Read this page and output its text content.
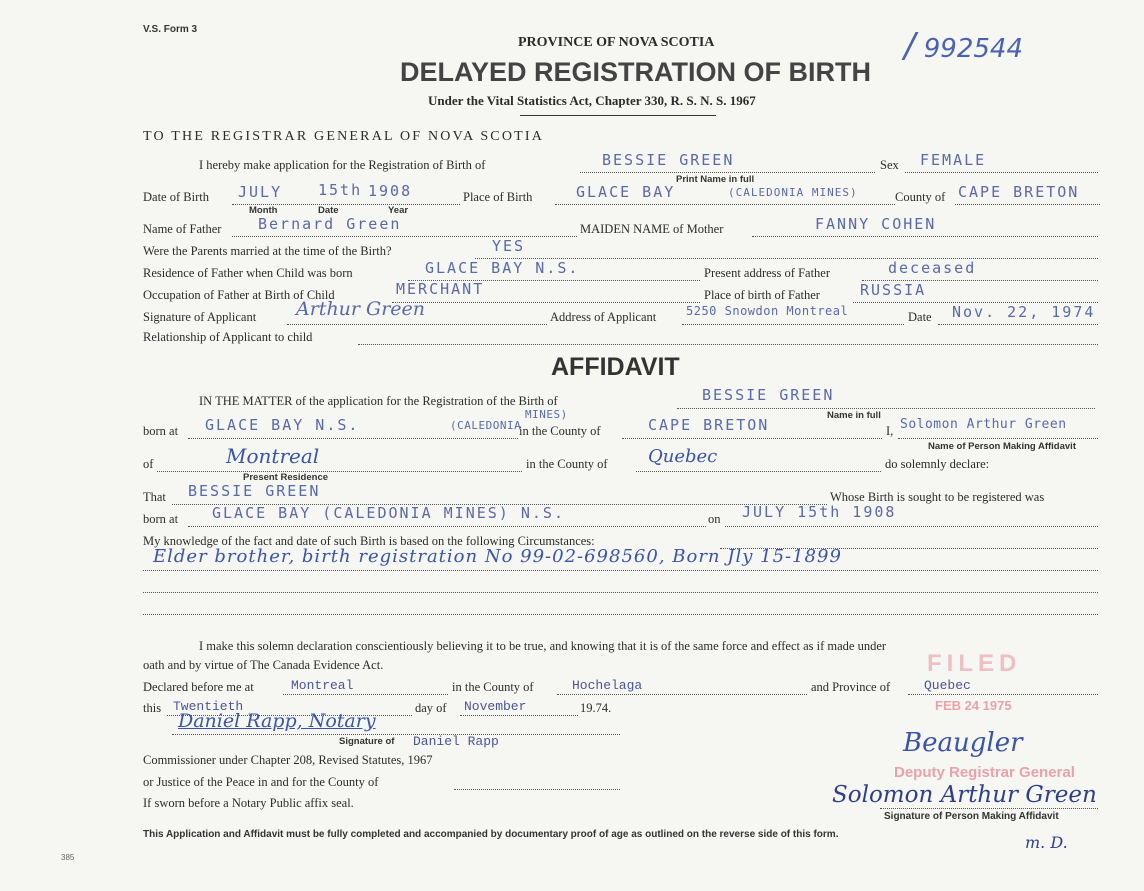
V.S. Form 3
PROVINCE OF NOVA SCOTIA
DELAYED REGISTRATION OF BIRTH
Under the Vital Statistics Act, Chapter 330, R. S. N. S. 1967
/ 992544
TO THE REGISTRAR GENERAL OF NOVA SCOTIA
I hereby make application for the Registration of Birth of	BESSIE GREEN
Print Name in full
Sex FEMALE
Date of Birth JULY 15th 1908
Month	Date	Year
Place of Birth	GLACE BAY	(CALEDONIA MINES)	County of CAPE BRETON
Name of Father Bernard Green	MAIDEN NAME of Mother	FANNY COHEN
Were the Parents married at the time of the Birth?	YES
Residence of Father when Child was born	GLACE BAY N.S.	Present address of Father	deceased
Occupation of Father at Birth of Child	MERCHANT	Place of birth of Father	RUSSIA
Signature of Applicant Arthur Green	Address of Applicant 5250 Snowdon Montreal	Date Nov. 22, 1974
Relationship of Applicant to child
AFFIDAVIT
IN THE MATTER of the application for the Registration of the Birth of	BESSIE GREEN
Name in full
born at GLACE BAY N.S.	(CALEDONIA
MINES)
in the County of	CAPE BRETON	I, Solomon Arthur Green
Name of Person Making Affidavit
of	Montreal
Present Residence
in the County of Quebec	do solemnly declare:
That BESSIE GREEN	Whose Birth is sought to be registered was
born at GLACE BAY (CALEDONIA MINES) N.S.	on JULY 15th 1908
My knowledge of the fact and date of such Birth is based on the following Circumstances:
Elder brother, birth registration No 99-02-698560, Born Jly 15-1899
I make this solemn declaration conscientiously believing it to be true, and knowing that it is of the same force and effect as if made under
oath and by virtue of The Canada Evidence Act.
Declared before me at	Montreal	in the County of	Hochelaga	and Province of	Quebec
this Twentieth	day of November	19.74.
Daniel Rapp, Notary
Signature of Daniel Rapp
Commissioner under Chapter 208, Revised Statutes, 1967
or Justice of the Peace in and for the County of
If sworn before a Notary Public affix seal.
FILED
FEB 24 1975
Beaugler
Deputy Registrar General
Solomon Arthur Green
Signature of Person Making Affidavit
This Application and Affidavit must be fully completed and accompanied by documentary proof of age as outlined on the reverse side of this form.	m. D.
385
